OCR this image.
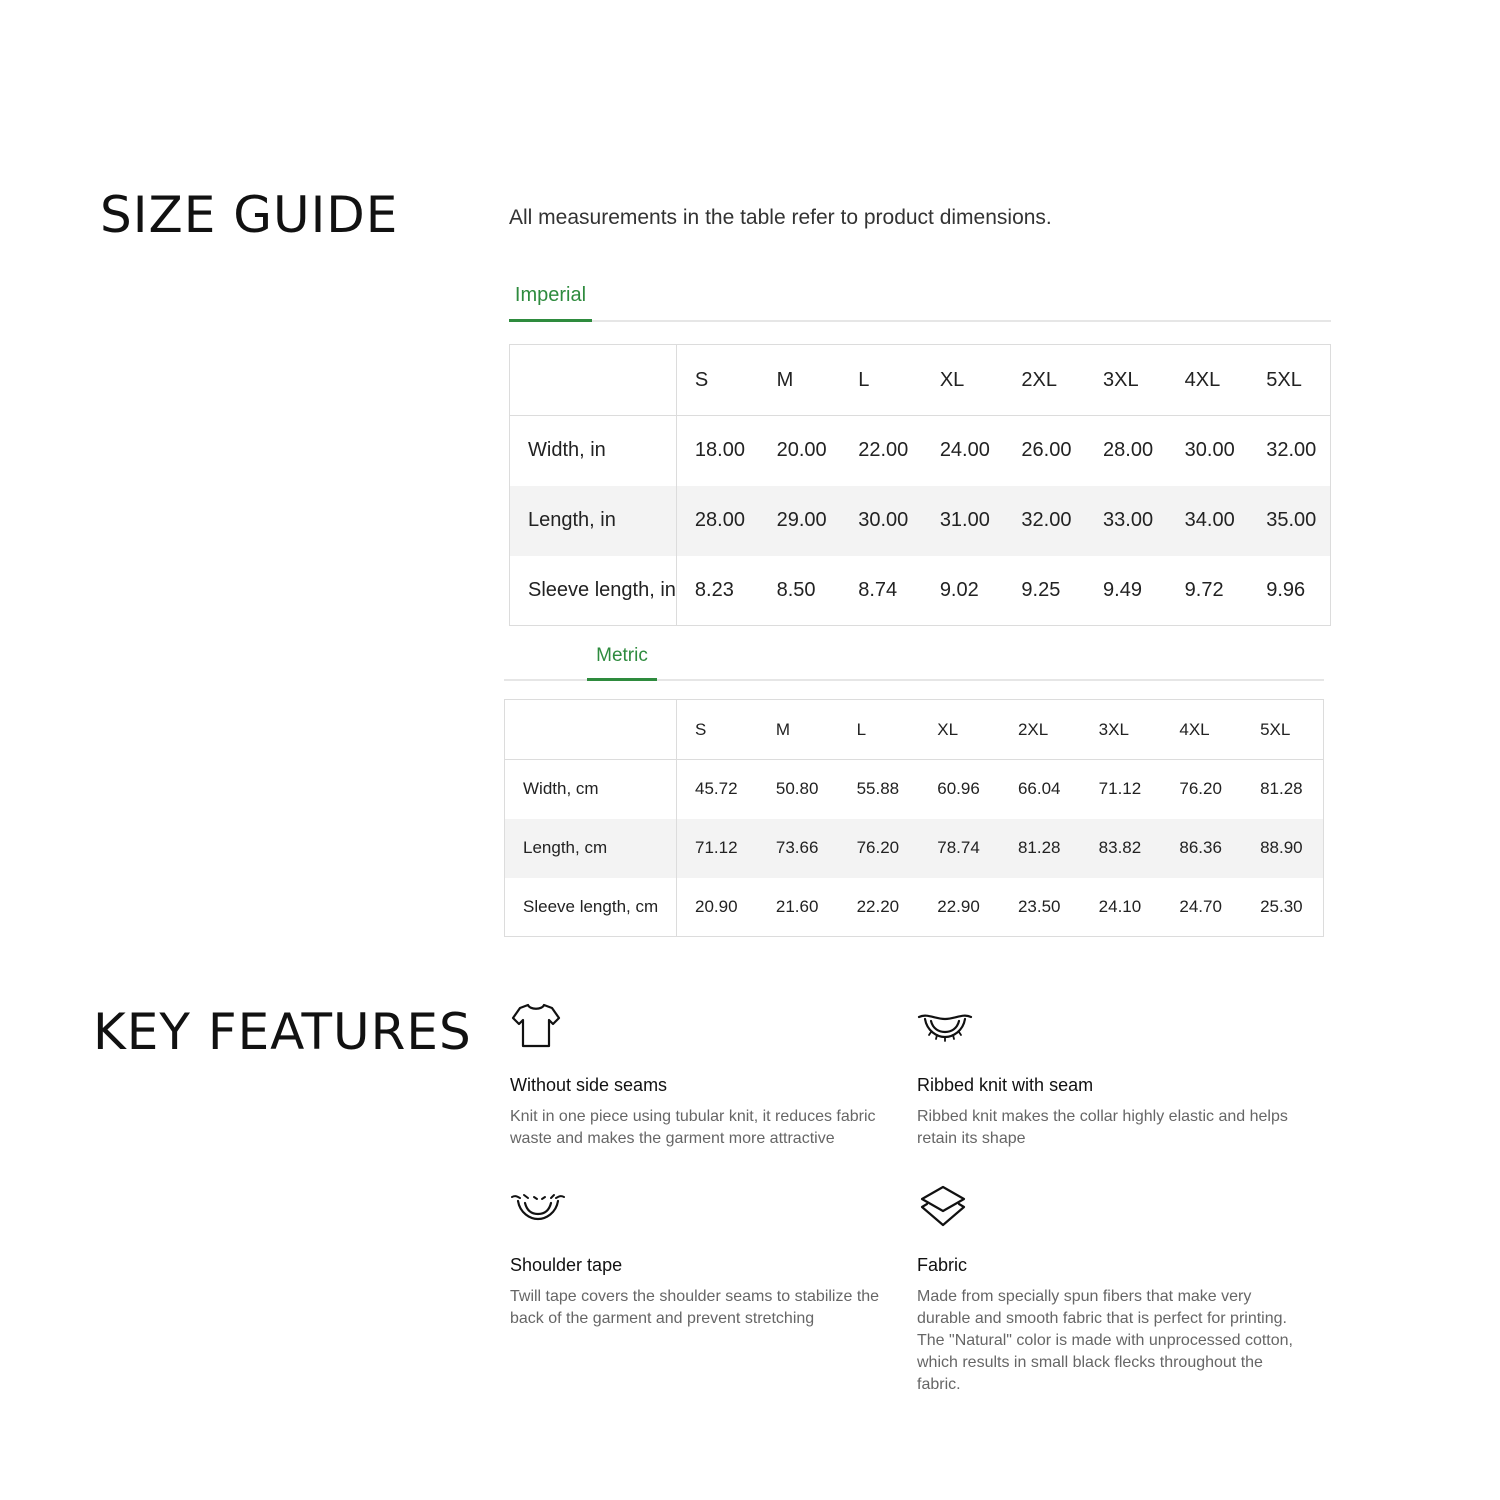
SIZE GUIDE	All measurements in the table refer to product dimensions.
Imperial
	S	M	L	XL	2XL	3XL	4XL	5XL
Width, in	18.00	20.00	22.00	24.00	26.00	28.00	30.00	32.00
Length, in	28.00	29.00	30.00	31.00	32.00	33.00	34.00	35.00
Sleeve length, in	8.23	8.50	8.74	9.02	9.25	9.49	9.72	9.96
Metric
	S	M	L	XL	2XL	3XL	4XL	5XL
Width, cm	45.72	50.80	55.88	60.96	66.04	71.12	76.20	81.28
Length, cm	71.12	73.66	76.20	78.74	81.28	83.82	86.36	88.90
Sleeve length, cm	20.90	21.60	22.20	22.90	23.50	24.10	24.70	25.30
KEY FEATURES
Without side seams
Knit in one piece using tubular knit, it reduces fabric waste and makes the garment more attractive
Ribbed knit with seam
Ribbed knit makes the collar highly elastic and helps retain its shape
Shoulder tape
Twill tape covers the shoulder seams to stabilize the back of the garment and prevent stretching
Fabric
Made from specially spun fibers that make very durable and smooth fabric that is perfect for printing. The "Natural" color is made with unprocessed cotton, which results in small black flecks throughout the fabric.
